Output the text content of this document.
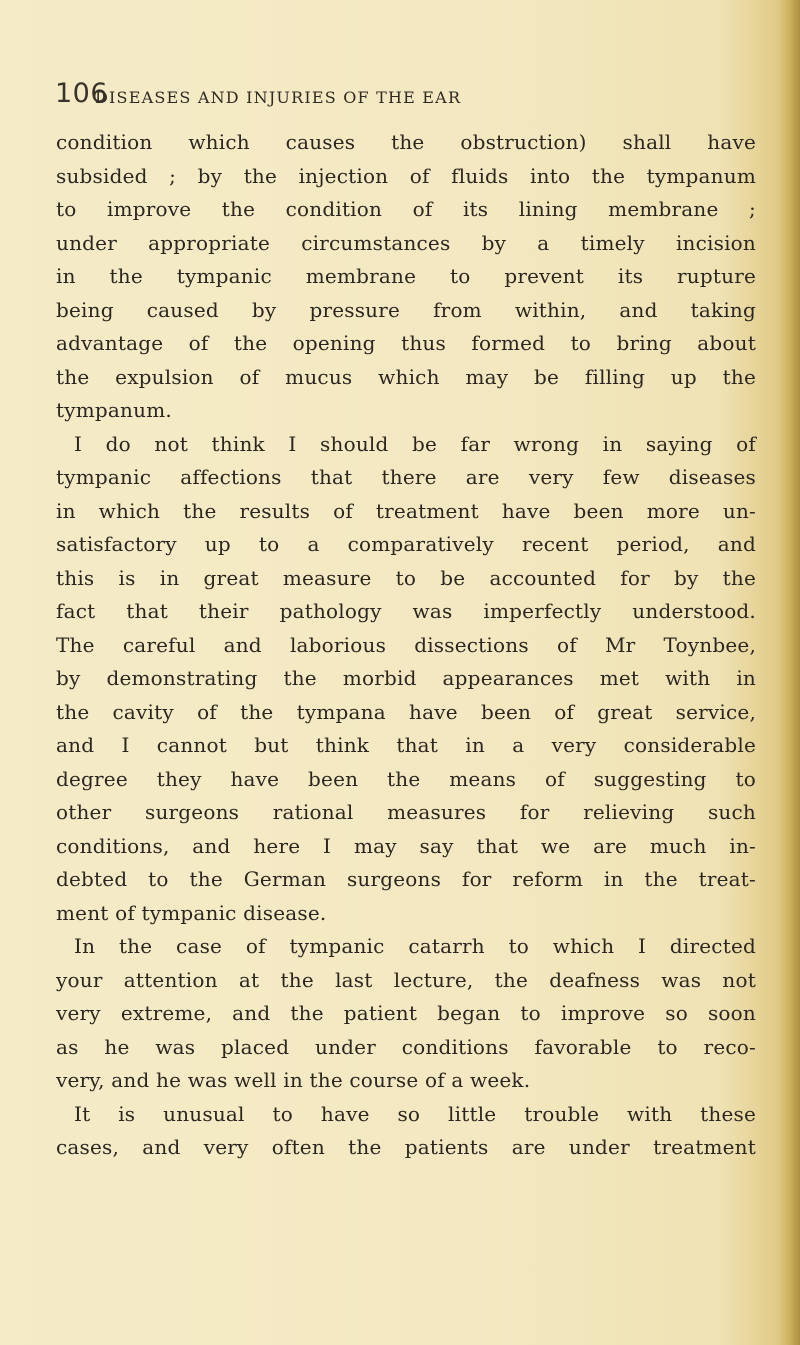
106
DISEASES AND INJURIES OF THE EAR
condition which causes the obstruction) shall have
subsided ; by the injection of fluids into the tympanum
to improve the condition of its lining membrane ;
under appropriate circumstances by a timely incision
in the tympanic membrane to prevent its rupture
being caused by pressure from within, and taking
advantage of the opening thus formed to bring about
the expulsion of mucus which may be filling up the
tympanum.
I do not think I should be far wrong in saying of
tympanic affections that there are very few diseases
in which the results of treatment have been more un-
satisfactory up to a comparatively recent period, and
this is in great measure to be accounted for by the
fact that their pathology was imperfectly understood.
The careful and laborious dissections of Mr Toynbee,
by demonstrating the morbid appearances met with in
the cavity of the tympana have been of great service,
and I cannot but think that in a very considerable
degree they have been the means of suggesting to
other surgeons rational measures for relieving such
conditions, and here I may say that we are much in-
debted to the German surgeons for reform in the treat-
ment of tympanic disease.
In the case of tympanic catarrh to which I directed
your attention at the last lecture, the deafness was not
very extreme, and the patient began to improve so soon
as he was placed under conditions favorable to reco-
very, and he was well in the course of a week.
It is unusual to have so little trouble with these
cases, and very often the patients are under treatment
